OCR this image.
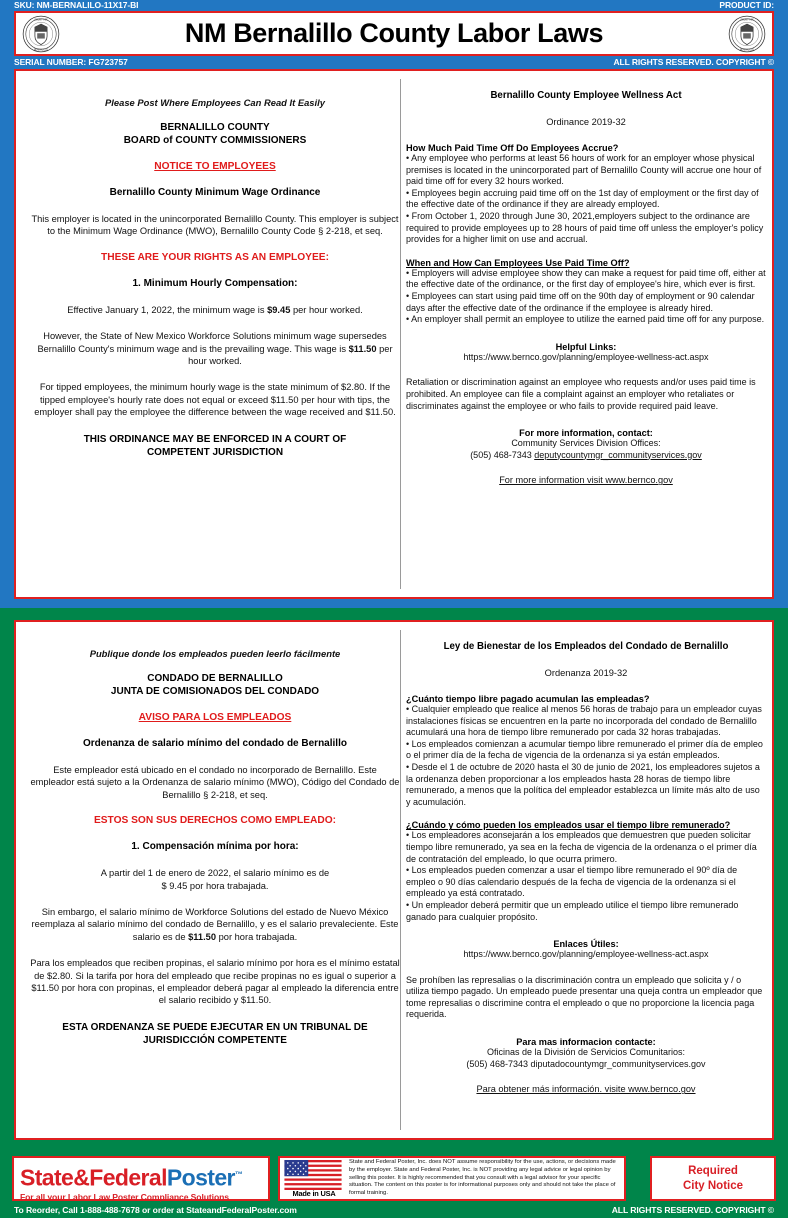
SKU: NM-BERNALILO-11X17-BI	PRODUCT ID:
COUNTY OF
BERNALILLO
NM Bernalillo County Labor Laws	COUNTY OF
BERNALILLO
SERIAL NUMBER: FG723757	ALL RIGHTS RESERVED. COPYRIGHT ©
Please Post Where Employees Can Read It Easily
BERNALILLO COUNTY
BOARD of COUNTY COMMISSIONERS
NOTICE TO EMPLOYEES
Bernalillo County Minimum Wage Ordinance
This employer is located in the unincorporated Bernalillo County. This employer is subject to the Minimum Wage Ordinance (MWO), Bernalillo County Code § 2-218, et seq.
THESE ARE YOUR RIGHTS AS AN EMPLOYEE:
1. Minimum Hourly Compensation:
Effective January 1, 2022, the minimum wage is $9.45 per hour worked.
However, the State of New Mexico Workforce Solutions minimum wage supersedes Bernalillo County's minimum wage and is the prevailing wage. This wage is $11.50 per hour worked.
For tipped employees, the minimum hourly wage is the state minimum of $2.80. If the tipped employee's hourly rate does not equal or exceed $11.50 per hour with tips, the employer shall pay the employee the difference between the wage received and $11.50.
THIS ORDINANCE MAY BE ENFORCED IN A COURT OF
COMPETENT JURISDICTION
Bernalillo County Employee Wellness Act
Ordinance 2019-32
How Much Paid Time Off Do Employees Accrue?
• Any employee who performs at least 56 hours of work for an employer whose physical premises is located in the unincorporated part of Bernalillo County will accrue one hour of paid time off for every 32 hours worked.
• Employees begin accruing paid time off on the 1st day of employment or the first day of the effective date of the ordinance if they are already employed.
• From October 1, 2020 through June 30, 2021,employers subject to the ordinance are required to provide employees up to 28 hours of paid time off unless the employer's policy provides for a higher limit on use and accrual.
When and How Can Employees Use Paid Time Off?
• Employers will advise employee show they can make a request for paid time off, either at the effective date of the ordinance, or the first day of employee's hire, which ever is first.
• Employees can start using paid time off on the 90th day of employment or 90 calendar days after the effective date of the ordinance if the employee is already hired.
• An employer shall permit an employee to utilize the earned paid time off for any purpose.
Helpful Links:
https://www.bernco.gov/planning/employee-wellness-act.aspx
Retaliation or discrimination against an employee who requests and/or uses paid time is prohibited. An employee can file a complaint against an employer who retaliates or discriminates against the employee or who fails to provide required paid leave.
For more information, contact:
Community Services Division Offices:
(505) 468-7343 deputycountymgr_communityservices.gov
For more information visit www.bernco.gov
Publique donde los empleados pueden leerlo fácilmente
CONDADO DE BERNALILLO
JUNTA DE COMISIONADOS DEL CONDADO
AVISO PARA LOS EMPLEADOS
Ordenanza de salario mínimo del condado de Bernalillo
Este empleador está ubicado en el condado no incorporado de Bernalillo. Este empleador está sujeto a la Ordenanza de salario mínimo (MWO), Código del Condado de Bernalillo § 2-218, et seq.
ESTOS SON SUS DERECHOS COMO EMPLEADO:
1. Compensación mínima por hora:
A partir del 1 de enero de 2022, el salario mínimo es de
$ 9.45 por hora trabajada.
Sin embargo, el salario mínimo de Workforce Solutions del estado de Nuevo México reemplaza al salario mínimo del condado de Bernalillo, y es el salario prevaleciente. Este salario es de $11.50 por hora trabajada.
Para los empleados que reciben propinas, el salario mínimo por hora es el mínimo estatal de $2.80. Si la tarifa por hora del empleado que recibe propinas no es igual o superior a $11.50 por hora con propinas, el empleador deberá pagar al empleado la diferencia entre el salario recibido y $11.50.
ESTA ORDENANZA SE PUEDE EJECUTAR EN UN TRIBUNAL DE
JURISDICCIÓN COMPETENTE
Ley de Bienestar de los Empleados del Condado de Bernalillo
Ordenanza 2019-32
¿Cuánto tiempo libre pagado acumulan las empleadas?
• Cualquier empleado que realice al menos 56 horas de trabajo para un empleador cuyas instalaciones físicas se encuentren en la parte no incorporada del condado de Bernalillo acumulará una hora de tiempo libre remunerado por cada 32 horas trabajadas.
• Los empleados comienzan a acumular tiempo libre remunerado el primer día de empleo o el primer día de la fecha de vigencia de la ordenanza si ya están empleados.
• Desde el 1 de octubre de 2020 hasta el 30 de junio de 2021, los empleadores sujetos a la ordenanza deben proporcionar a los empleados hasta 28 horas de tiempo libre remunerado, a menos que la política del empleador establezca un límite más alto de uso y acumulación.
¿Cuándo y cómo pueden los empleados usar el tiempo libre remunerado?
• Los empleadores aconsejarán a los empleados que demuestren que pueden solicitar tiempo libre remunerado, ya sea en la fecha de vigencia de la ordenanza o el primer día de contratación del empleado, lo que ocurra primero.
• Los empleados pueden comenzar a usar el tiempo libre remunerado el 90º día de empleo o 90 días calendario después de la fecha de vigencia de la ordenanza si el empleado ya está contratado.
• Un empleador deberá permitir que un empleado utilice el tiempo libre remunerado ganado para cualquier propósito.
Enlaces Útiles:
https://www.bernco.gov/planning/employee-wellness-act.aspx
Se prohíben las represalias o la discriminación contra un empleado que solicita y / o utiliza tiempo pagado. Un empleado puede presentar una queja contra un empleador que tome represalias o discrimine contra el empleado o que no proporcione la licencia paga requerida.
Para mas informacion contacte:
Oficinas de la División de Servicios Comunitarios:
(505) 468-7343 diputadocountymgr_communityservices.gov
Para obtener más información. visite www.bernco.gov
State&FederalPoster™
For all your Labor Law Poster Compliance Solutions	Made in USA
State and Federal Poster, Inc. does NOT assume responsibility for the use, actions, or decisions made by the employer. State and Federal Poster, Inc. is NOT providing any legal advice or legal opinion by selling this poster. It is highly recommended that you consult with a legal advisor for your specific situation. The content on this poster is for informational purposes only and should not take the place of formal training.
Required
City Notice
To Reorder, Call 1-888-488-7678 or order at StateandFederalPoster.com	ALL RIGHTS RESERVED. COPYRIGHT ©
